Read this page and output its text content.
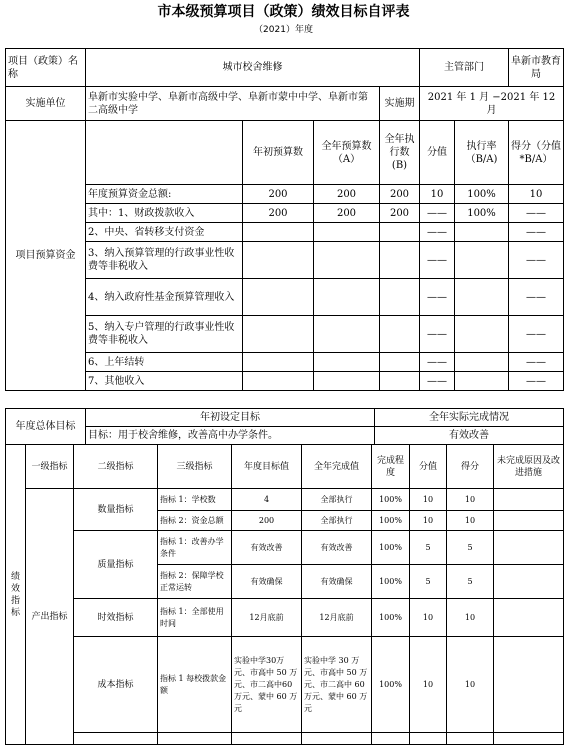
市本级预算项目（政策）绩效目标自评表
（2021）年度
项目（政策）名称	城市校舍维修				主管部门		阜新市教育局
实施单位	阜新市实验中学、阜新市高级中学、阜新市蒙中中学、阜新市第二高级中学			实施期	2021 年 1 月 −2021 年 12 月		
项目预算资金		年初预算数	全年预算数（A）	全年执行数(B)	分值	执行率（B/A)	得分（分值*B/A）
	年度预算资金总额:	200	200	200	10	100%	10
	其中：1、财政拨款收入	200	200	200	——	100%	——
	2、中央、省转移支付资金				——		——
	3、纳入预算管理的行政事业性收费等非税收入				——		——
	4、纳入政府性基金预算管理收入				——		——
	5、纳入专户管理的行政事业性收费等非税收入				——		——
	6、上年结转				——		——
	7、其他收入				——		——
年度总体目标	年初设定目标	全年实际完成情况
	目标：用于校舍维修，改善高中办学条件。	有效改善
绩效指标	一级指标	二级指标	三级指标	年度目标值	全年完成值	完成程度	分值	得分	未完成原因及改进措施
	产出指标	数量指标	指标 1：学校数	4	全部执行	100%	10	10	
			指标 2：资金总额	200	全部执行	100%	10	10	
		质量指标	指标 1：改善办学条件	有效改善	有效改善	100%	5	5	
			指标 2：保障学校正常运转	有效确保	有效确保	100%	5	5	
		时效指标	指标 1：全部使用时间	12月底前	12月底前	100%	10	10	
		成本指标	指标 1 每校拨款金额	实验中学30万元、市高中 50 万元、市二高中60万元、蒙中 60 万元	实验中学 30 万元、市高中 50 万元、市二高中 60 万元、蒙中 60 万元	100%	10	10	
